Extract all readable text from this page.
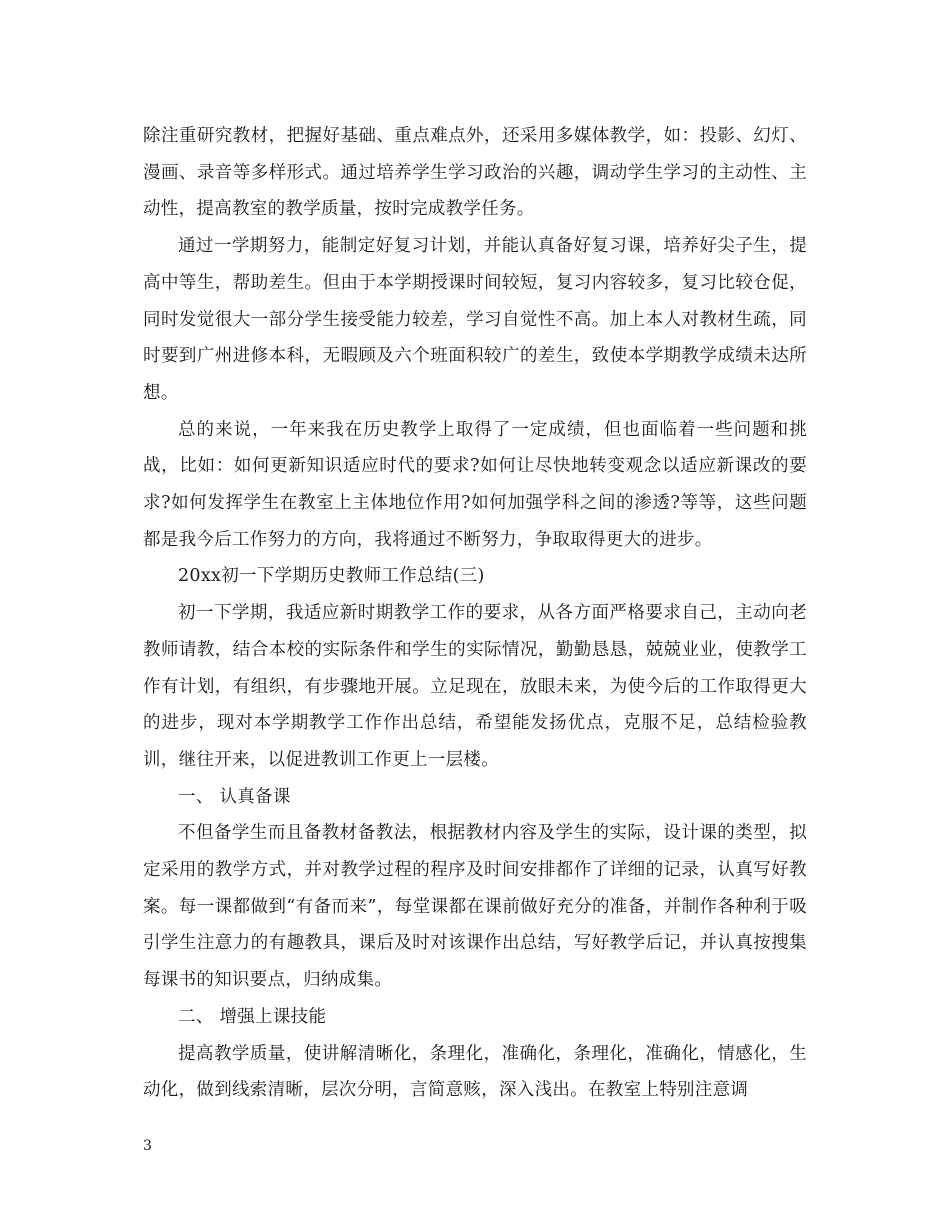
除注重研究教材，把握好基础、重点难点外，还采用多媒体教学，如：投影、幻灯、漫画、录音等多样形式。通过培养学生学习政治的兴趣，调动学生学习的主动性、主动性，提高教室的教学质量，按时完成教学任务。

通过一学期努力，能制定好复习计划，并能认真备好复习课，培养好尖子生，提高中等生，帮助差生。但由于本学期授课时间较短，复习内容较多，复习比较仓促，同时发觉很大一部分学生接受能力较差，学习自觉性不高。加上本人对教材生疏，同时要到广州进修本科，无暇顾及六个班面积较广的差生，致使本学期教学成绩未达所想。

总的来说，一年来我在历史教学上取得了一定成绩，但也面临着一些问题和挑战，比如：如何更新知识适应时代的要求?如何让尽快地转变观念以适应新课改的要求?如何发挥学生在教室上主体地位作用?如何加强学科之间的渗透?等等，这些问题都是我今后工作努力的方向，我将通过不断努力，争取取得更大的进步。

20xx初一下学期历史教师工作总结(三)

初一下学期，我适应新时期教学工作的要求，从各方面严格要求自己，主动向老教师请教，结合本校的实际条件和学生的实际情况，勤勤恳恳，兢兢业业，使教学工作有计划，有组织，有步骤地开展。立足现在，放眼未来，为使今后的工作取得更大的进步，现对本学期教学工作作出总结，希望能发扬优点，克服不足，总结检验教训，继往开来，以促进教训工作更上一层楼。

一、 认真备课

不但备学生而且备教材备教法，根据教材内容及学生的实际，设计课的类型，拟定采用的教学方式，并对教学过程的程序及时间安排都作了详细的记录，认真写好教案。每一课都做到“有备而来”，每堂课都在课前做好充分的准备，并制作各种利于吸引学生注意力的有趣教具，课后及时对该课作出总结，写好教学后记，并认真按搜集每课书的知识要点，归纳成集。

二、 增强上课技能

提高教学质量，使讲解清晰化，条理化，准确化，条理化，准确化，情感化，生动化，做到线索清晰，层次分明，言简意赅，深入浅出。在教室上特别注意调

3
